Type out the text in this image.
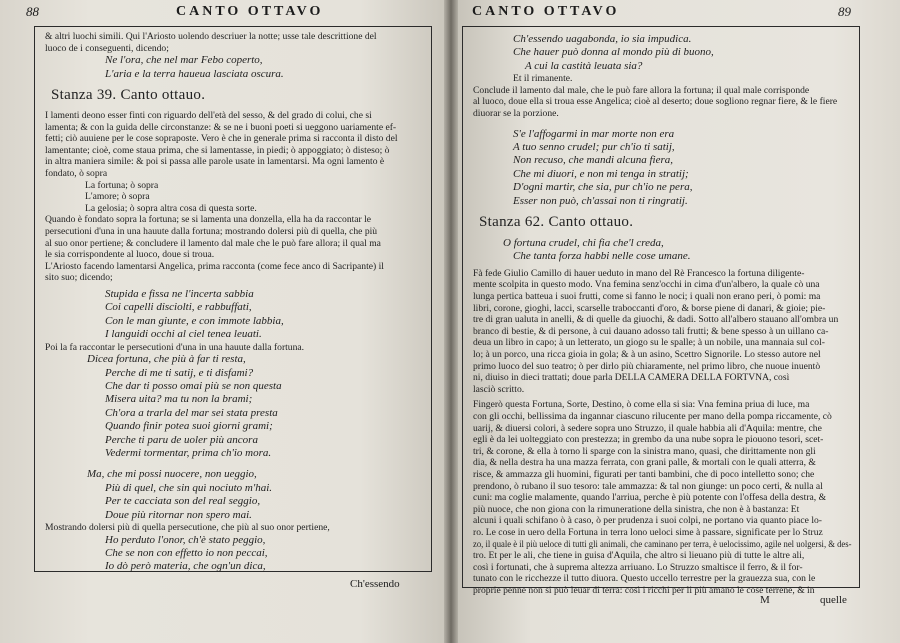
88	CANTO OTTAVO
& altri luochi simili. Qui l'Ariosto uolendo descriuer la notte; usse tale descrittione del
luoco de i conseguenti, dicendo;
Ne l'ora, che nel mar Febo coperto,
L'aria e la terra haueua lasciata oscura.
Stanza 39. Canto ottauo.
I lamenti deono esser finti con riguardo dell'età del sesso, & del grado di colui, che si
lamenta; & con la guida delle circonstanze: & se ne i buoni poeti si ueggono uariamente ef-
fetti; ciò auuiene per le cose sopraposte. Vero è che in generale prima si racconta il disto del
lamentante; cioè, come staua prima, che si lamentasse, in piedi; ò appoggiato; ò disteso; ò
in altra maniera simile: & poi si passa alle parole usate in lamentarsi. Ma ogni lamento è
fondato, ò sopra
La fortuna; ò sopra
L'amore; ò sopra
La gelosia; ò sopra altra cosa di questa sorte.
Quando è fondato sopra la fortuna; se si lamenta una donzella, ella ha da raccontar le
persecutioni d'una in una hauute dalla fortuna; mostrando dolersi più di quella, che più
al suo onor pertiene; & concludere il lamento dal male che le può fare allora; il qual ma
le sia corrispondente al luoco, doue si troua.
L'Ariosto facendo lamentarsi Angelica, prima racconta (come fece anco di Sacripante) il
sito suo; dicendo;
Stupida e fissa ne l'incerta sabbia
Coi capelli disciolti, e rabbuffati,
Con le man giunte, e con immote labbia,
I languidi occhi al ciel tenea leuati.
Poi la fa raccontar le persecutioni d'una in una hauute dalla fortuna.
Dicea fortuna, che più à far ti resta,
Perche di me ti satij, e ti disfami?
Che dar ti posso omai più se non questa
Misera uita? ma tu non la brami;
Ch'ora a trarla del mar sei stata presta
Quando finir potea suoi giorni grami;
Perche ti paru de uoler più ancora
Vedermi tormentar, prima ch'io mora.
Ma, che mi possi nuocere, non ueggio,
Più di quel, che sin quì nociuto m'hai.
Per te cacciata son del real seggio,
Doue più ritornar non spero mai.
Mostrando dolersi più di quella persecutione, che più al suo onor pertiene,
Ho perduto l'onor, ch'è stato peggio,
Che se non con effetto io non peccai,
Io dò però materia, che ogn'un dica,
Ch'essendo
CANTO OTTAVO	89
Ch'essendo uagabonda, io sia impudica.
Che hauer può donna al mondo più di buono,
A cui la castità leuata sia?
Et il rimanente.
Conclude il lamento dal male, che le può fare allora la fortuna; il qual male corrisponde
al luoco, doue ella si troua esse Angelica; cioè al deserto; doue sogliono regnar fiere, & le fiere
diuorar se la porzione.
S'e l'affogarmi in mar morte non era
A tuo senno crudel; pur ch'io ti satij,
Non recuso, che mandi alcuna fiera,
Che mi diuori, e non mi tenga in stratij;
D'ogni martir, che sia, pur ch'io ne pera,
Esser non può, ch'assai non ti ringratij.
Stanza 62. Canto ottauo.
O fortuna crudel, chi fia che'l creda,
Che tanta forza habbi nelle cose umane.
Fà fede Giulio Camillo di hauer ueduto in mano del Rè Francesco la fortuna diligente-
mente scolpita in questo modo. Vna femina senz'occhi in cima d'un'albero, la quale cò una
lunga pertica batteua i suoi frutti, come si fanno le noci; i quali non erano peri, ò pomi: ma
libri, corone, gioghi, lacci, scarselle traboccanti d'oro, & borse piene di danari, & gioie; pie-
tre di gran ualuta in anelli, & di quelle da giuochi, & dadi. Sotto all'albero stauano all'ombra un
branco di bestie, & di persone, à cui dauano adosso tali frutti; & bene spesso à un uillano ca-
deua un libro in capo; à un letterato, un giogo su le spalle; à un nobile, una mannaia sul col-
lo; à un porco, una ricca gioia in gola; & à un asino, Scettro Signorile. Lo stesso autore nel
primo luoco del suo teatro; ò per dirlo più chiaramente, nel primo libro, che nuoue inuentò
ni, diuiso in dieci trattati; doue parla DELLA CAMERA DELLA FORTVNA, così
lasciò scritto.
Fingerò questa Fortuna, Sorte, Destino, ò come ella si sia: Vna femina priua di luce, ma
con gli occhi, bellissima da ingannar ciascuno rilucente per mano della pompa riccamente, cò
uarij, & diuersi colori, à sedere sopra uno Struzzo, il quale habbia ali d'Aquila: mentre, che
egli è da lei uolteggiato con prestezza; in grembo da una nube sopra le piouono tesori, scet-
tri, & corone, & ella à torno li sparge con la sinistra mano, quasi, che dirittamente non gli
dia, & nella destra ha una mazza ferrata, con grani palle, & mortali con le quali atterra, &
risce, & ammazza gli huomini, figurati per tanti bambini, che di poco intelletto sono; che
prendono, ò rubano il suo tesoro: tale ammazza: & tal non giunge: un poco certi, & nulla al
cuni: ma coglie malamente, quando l'arriua, perche è più potente con l'offesa della destra, &
più nuoce, che non giona con la rimuneratione della sinistra, che non è à bastanza: Et
alcuni i quali schifano ò à caso, ò per prudenza i suoi colpi, ne portano via quanto piace lo-
ro. Le cose in uero della Fortuna in terra lono ueloci sime à passare, significate per lo Struz
zo, il quale è il più ueloce di tutti gli animali, che caminano per terra, è uelocissimo, agile nel uolgersi, & des-
tro. Et per le ali, che tiene in guisa d'Aquila, che altro si lieuano più di tutte le altre ali,
così i fortunati, che à suprema altezza arriuano. Lo Struzzo smaltisce il ferro, & il for-
tunato con le ricchezze il tutto diuora. Questo uccello terrestre per la grauezza sua, con le
proprie penne non si può leuar di terra: così i ricchi per li più amano le cose terrene, & in
M	quelle
